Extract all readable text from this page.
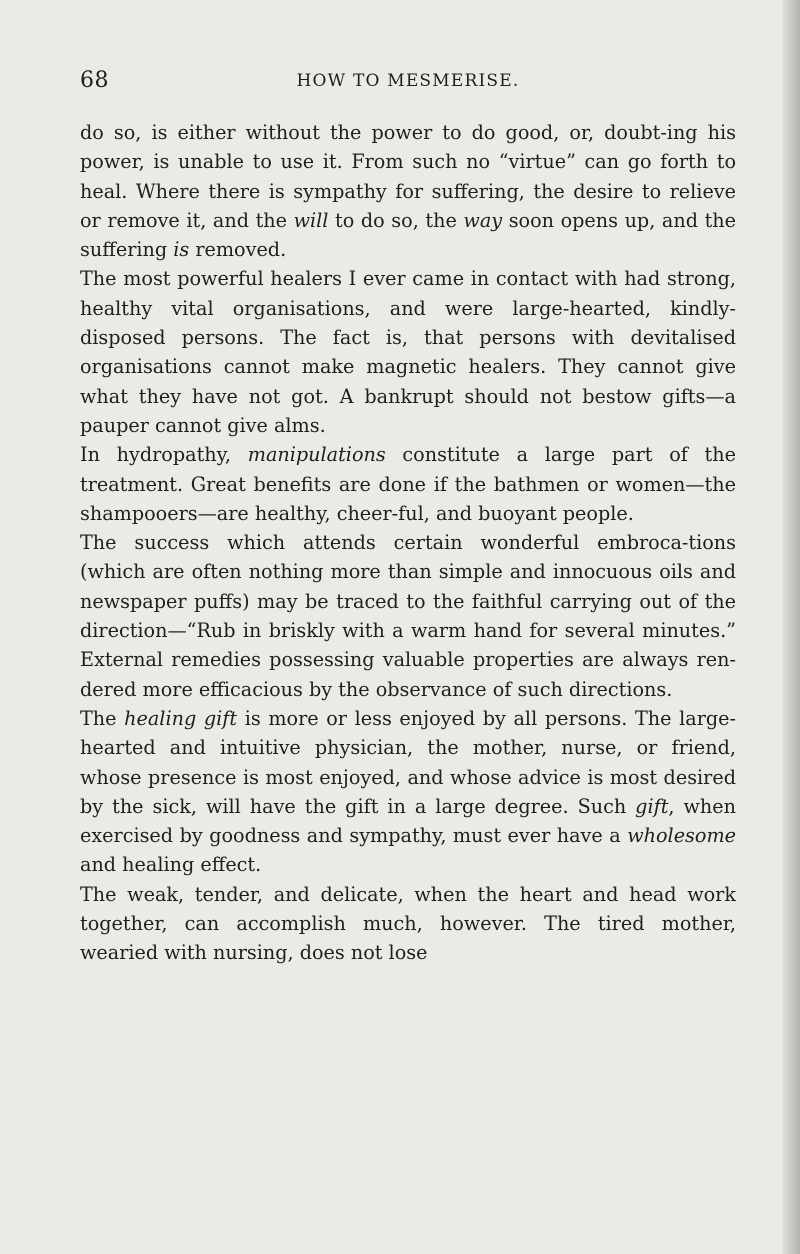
68	HOW TO MESMERISE.

do so, is either without the power to do good, or, doubt-ing his power, is unable to use it. From such no “virtue” can go forth to heal. Where there is sympathy for suffering, the desire to relieve or remove it, and the will to do so, the way soon opens up, and the suffering is removed.

The most powerful healers I ever came in contact with had strong, healthy vital organisations, and were large-hearted, kindly-disposed persons. The fact is, that persons with devitalised organisations cannot make magnetic healers. They cannot give what they have not got. A bankrupt should not bestow gifts—a pauper cannot give alms.

In hydropathy, manipulations constitute a large part of the treatment. Great benefits are done if the bathmen or women—the shampooers—are healthy, cheer-ful, and buoyant people.

The success which attends certain wonderful embroca-tions (which are often nothing more than simple and innocuous oils and newspaper puffs) may be traced to the faithful carrying out of the direction—“Rub in briskly with a warm hand for several minutes.” External remedies possessing valuable properties are always ren-dered more efficacious by the observance of such directions.

The healing gift is more or less enjoyed by all persons. The large-hearted and intuitive physician, the mother, nurse, or friend, whose presence is most enjoyed, and whose advice is most desired by the sick, will have the gift in a large degree. Such gift, when exercised by goodness and sympathy, must ever have a wholesome and healing effect.

The weak, tender, and delicate, when the heart and head work together, can accomplish much, however. The tired mother, wearied with nursing, does not lose
